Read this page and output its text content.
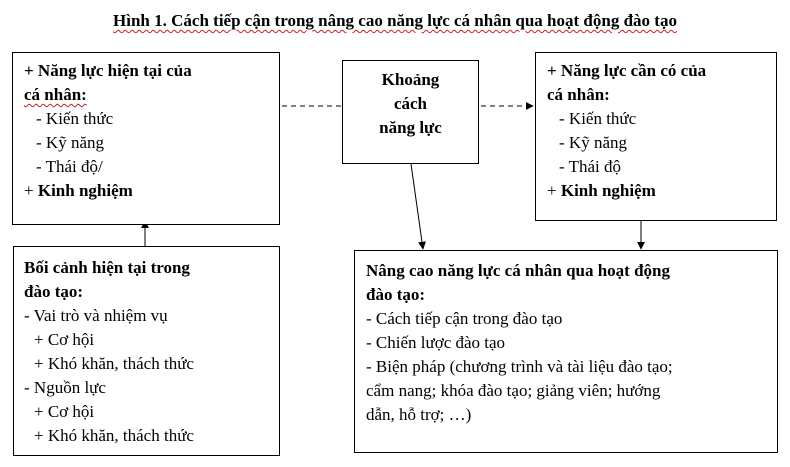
Hình 1. Cách tiếp cận trong nâng cao năng lực cá nhân qua hoạt động đào tạo
+ Năng lực hiện tại của
cá nhân:
- Kiến thức
- Kỹ năng
- Thái độ/
+ Kinh nghiệm
Khoảng
cách
năng lực
+ Năng lực cần có của
cá nhân:
- Kiến thức
- Kỹ năng
- Thái độ
+ Kinh nghiệm
Bối cảnh hiện tại trong
đào tạo:
- Vai trò và nhiệm vụ
+ Cơ hội
+ Khó khăn, thách thức
- Nguồn lực
+ Cơ hội
+ Khó khăn, thách thức
Nâng cao năng lực cá nhân qua hoạt động
đào tạo:
- Cách tiếp cận trong đào tạo
- Chiến lược đào tạo
- Biện pháp (chương trình và tài liệu đào tạo;
cẩm nang; khóa đào tạo; giảng viên; hướng
dẫn, hỗ trợ; …)
